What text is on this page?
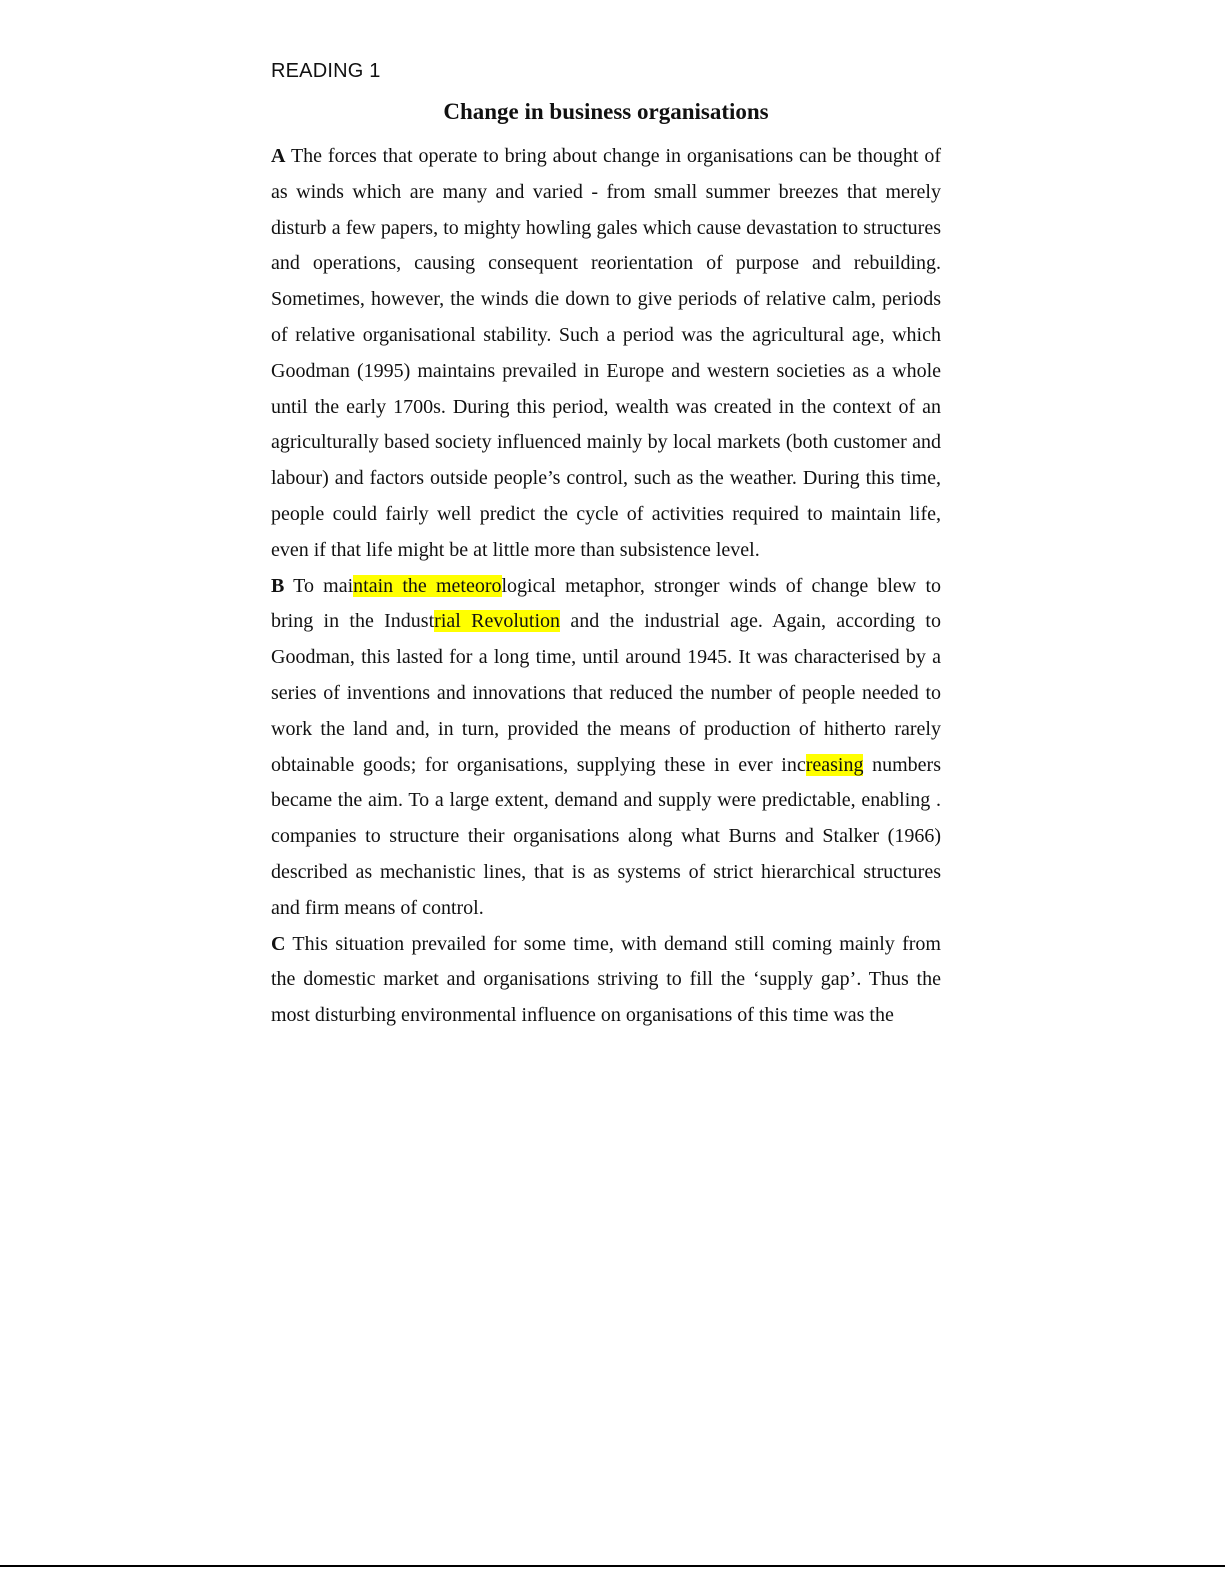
READING 1
Change in business organisations

A The forces that operate to bring about change in organisations can be thought of as winds which are many and varied - from small summer breezes that merely disturb a few papers, to mighty howling gales which cause devastation to structures and operations, causing consequent reorientation of purpose and rebuilding. Sometimes, however, the winds die down to give periods of relative calm, periods of relative organisational stability. Such a period was the agricultural age, which Goodman (1995) maintains prevailed in Europe and western societies as a whole until the early 1700s. During this period, wealth was created in the context of an agriculturally based society influenced mainly by local markets (both customer and labour) and factors outside people’s control, such as the weather. During this time, people could fairly well predict the cycle of activities required to maintain life, even if that life might be at little more than subsistence level.

B To maintain the meteorological metaphor, stronger winds of change blew to bring in the Industrial Revolution and the industrial age. Again, according to Goodman, this lasted for a long time, until around 1945. It was characterised by a series of inventions and innovations that reduced the number of people needed to work the land and, in turn, provided the means of production of hitherto rarely obtainable goods; for organisations, supplying these in ever increasing numbers became the aim. To a large extent, demand and supply were predictable, enabling . companies to structure their organisations along what Burns and Stalker (1966) described as mechanistic lines, that is as systems of strict hierarchical structures and firm means of control.

C This situation prevailed for some time, with demand still coming mainly from the domestic market and organisations striving to fill the ‘supply gap’. Thus the most disturbing environmental influence on organisations of this time was the
